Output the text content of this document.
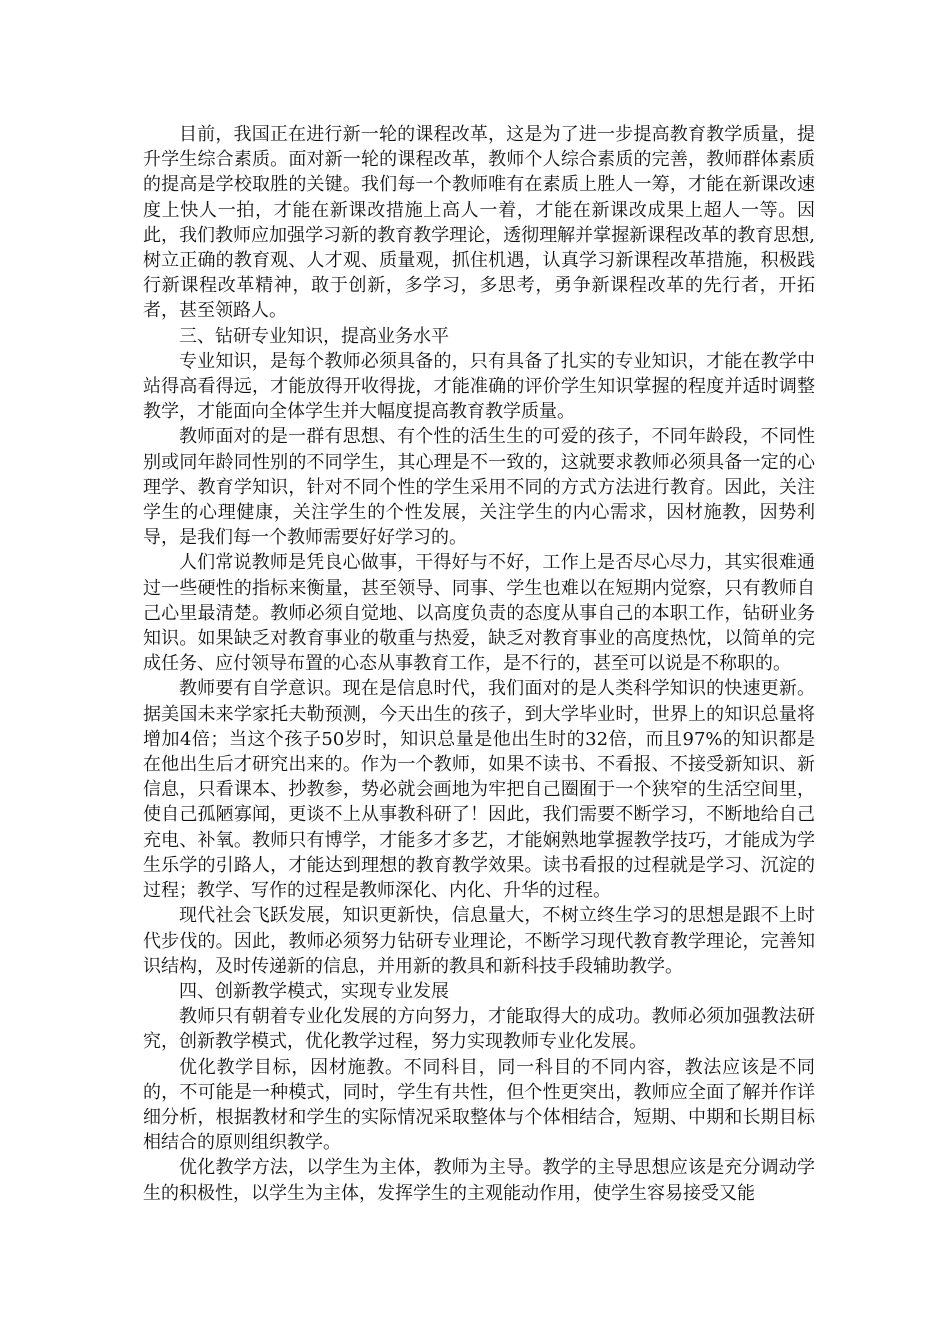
目前，我国正在进行新一轮的课程改革，这是为了进一步提高教育教学质量，提升学生综合素质。面对新一轮的课程改革，教师个人综合素质的完善，教师群体素质的提高是学校取胜的关键。我们每一个教师唯有在素质上胜人一筹，才能在新课改速度上快人一拍，才能在新课改措施上高人一着，才能在新课改成果上超人一等。因此，我们教师应加强学习新的教育教学理论，透彻理解并掌握新课程改革的教育思想,树立正确的教育观、人才观、质量观，抓住机遇，认真学习新课程改革措施，积极践行新课程改革精神，敢于创新，多学习，多思考，勇争新课程改革的先行者，开拓者，甚至领路人。

三、钻研专业知识，提高业务水平

专业知识，是每个教师必须具备的，只有具备了扎实的专业知识，才能在教学中站得高看得远，才能放得开收得拢，才能准确的评价学生知识掌握的程度并适时调整教学，才能面向全体学生并大幅度提高教育教学质量。

教师面对的是一群有思想、有个性的活生生的可爱的孩子，不同年龄段，不同性别或同年龄同性别的不同学生，其心理是不一致的，这就要求教师必须具备一定的心理学、教育学知识，针对不同个性的学生采用不同的方式方法进行教育。因此，关注学生的心理健康，关注学生的个性发展，关注学生的内心需求，因材施教，因势利导，是我们每一个教师需要好好学习的。

人们常说教师是凭良心做事，干得好与不好，工作上是否尽心尽力，其实很难通过一些硬性的指标来衡量，甚至领导、同事、学生也难以在短期内觉察，只有教师自己心里最清楚。教师必须自觉地、以高度负责的态度从事自己的本职工作，钻研业务知识。如果缺乏对教育事业的敬重与热爱，缺乏对教育事业的高度热忱，以简单的完成任务、应付领导布置的心态从事教育工作，是不行的，甚至可以说是不称职的。

教师要有自学意识。现在是信息时代，我们面对的是人类科学知识的快速更新。据美国未来学家托夫勒预测，今天出生的孩子，到大学毕业时，世界上的知识总量将增加4倍；当这个孩子50岁时，知识总量是他出生时的32倍，而且97%的知识都是在他出生后才研究出来的。作为一个教师，如果不读书、不看报、不接受新知识、新信息，只看课本、抄教参，势必就会画地为牢把自己圈囿于一个狭窄的生活空间里，使自己孤陋寡闻，更谈不上从事教科研了！因此，我们需要不断学习，不断地给自己充电、补氧。教师只有博学，才能多才多艺，才能娴熟地掌握教学技巧，才能成为学生乐学的引路人，才能达到理想的教育教学效果。读书看报的过程就是学习、沉淀的过程；教学、写作的过程是教师深化、内化、升华的过程。

现代社会飞跃发展，知识更新快，信息量大，不树立终生学习的思想是跟不上时代步伐的。因此，教师必须努力钻研专业理论，不断学习现代教育教学理论，完善知识结构，及时传递新的信息，并用新的教具和新科技手段辅助教学。

四、创新教学模式，实现专业发展

教师只有朝着专业化发展的方向努力，才能取得大的成功。教师必须加强教法研究，创新教学模式，优化教学过程，努力实现教师专业化发展。

优化教学目标，因材施教。不同科目，同一科目的不同内容，教法应该是不同的，不可能是一种模式，同时，学生有共性，但个性更突出，教师应全面了解并作详细分析，根据教材和学生的实际情况采取整体与个体相结合，短期、中期和长期目标相结合的原则组织教学。

优化教学方法，以学生为主体，教师为主导。教学的主导思想应该是充分调动学生的积极性，以学生为主体，发挥学生的主观能动作用，使学生容易接受又能
